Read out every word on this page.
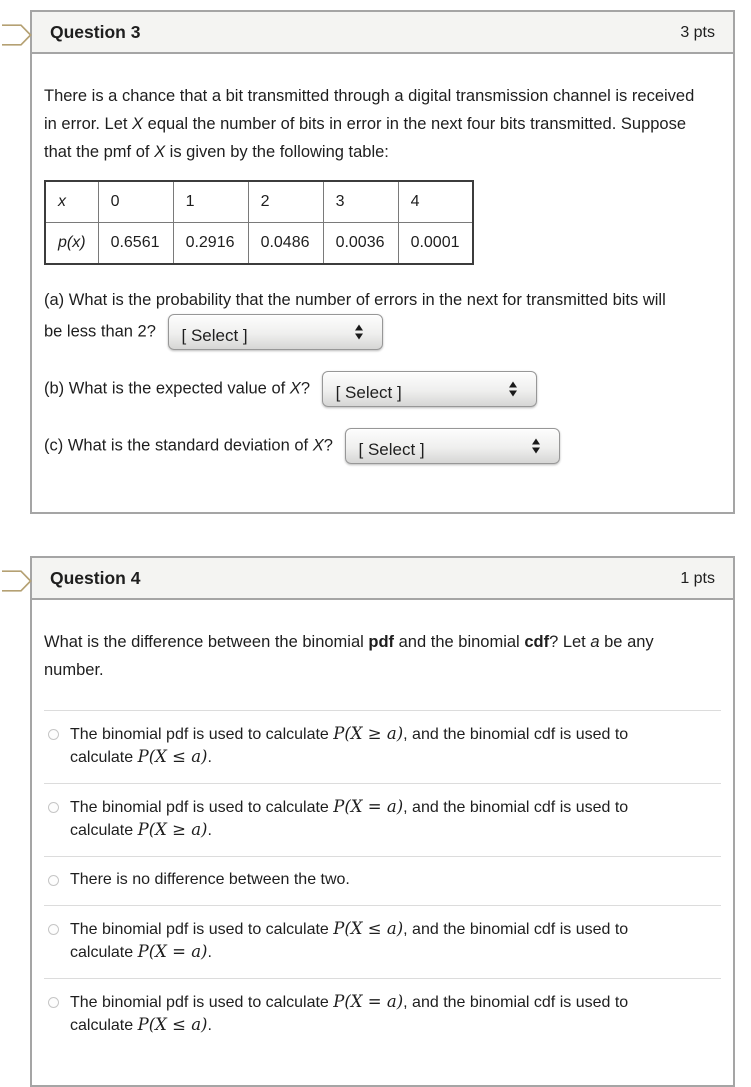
Question 3	3 pts

There is a chance that a bit transmitted through a digital transmission channel is received
in error. Let X equal the number of bits in error in the next four bits transmitted. Suppose
that the pmf of X is given by the following table:

x	0	1	2	3	4
p(x)	0.6561	0.2916	0.0486	0.0036	0.0001
(a) What is the probability that the number of errors in the next for transmitted bits will
be less than 2? [ Select ]
(b) What is the expected value of X? [ Select ]
(c) What is the standard deviation of X? [ Select ]
Question 4	1 pts

What is the difference between the binomial pdf and the binomial cdf? Let a be any
number.

The binomial pdf is used to calculate P(X ≥ a), and the binomial cdf is used to
calculate P(X ≤ a).
The binomial pdf is used to calculate P(X = a), and the binomial cdf is used to
calculate P(X ≥ a).
There is no difference between the two.
The binomial pdf is used to calculate P(X ≤ a), and the binomial cdf is used to
calculate P(X = a).
The binomial pdf is used to calculate P(X = a), and the binomial cdf is used to
calculate P(X ≤ a).
